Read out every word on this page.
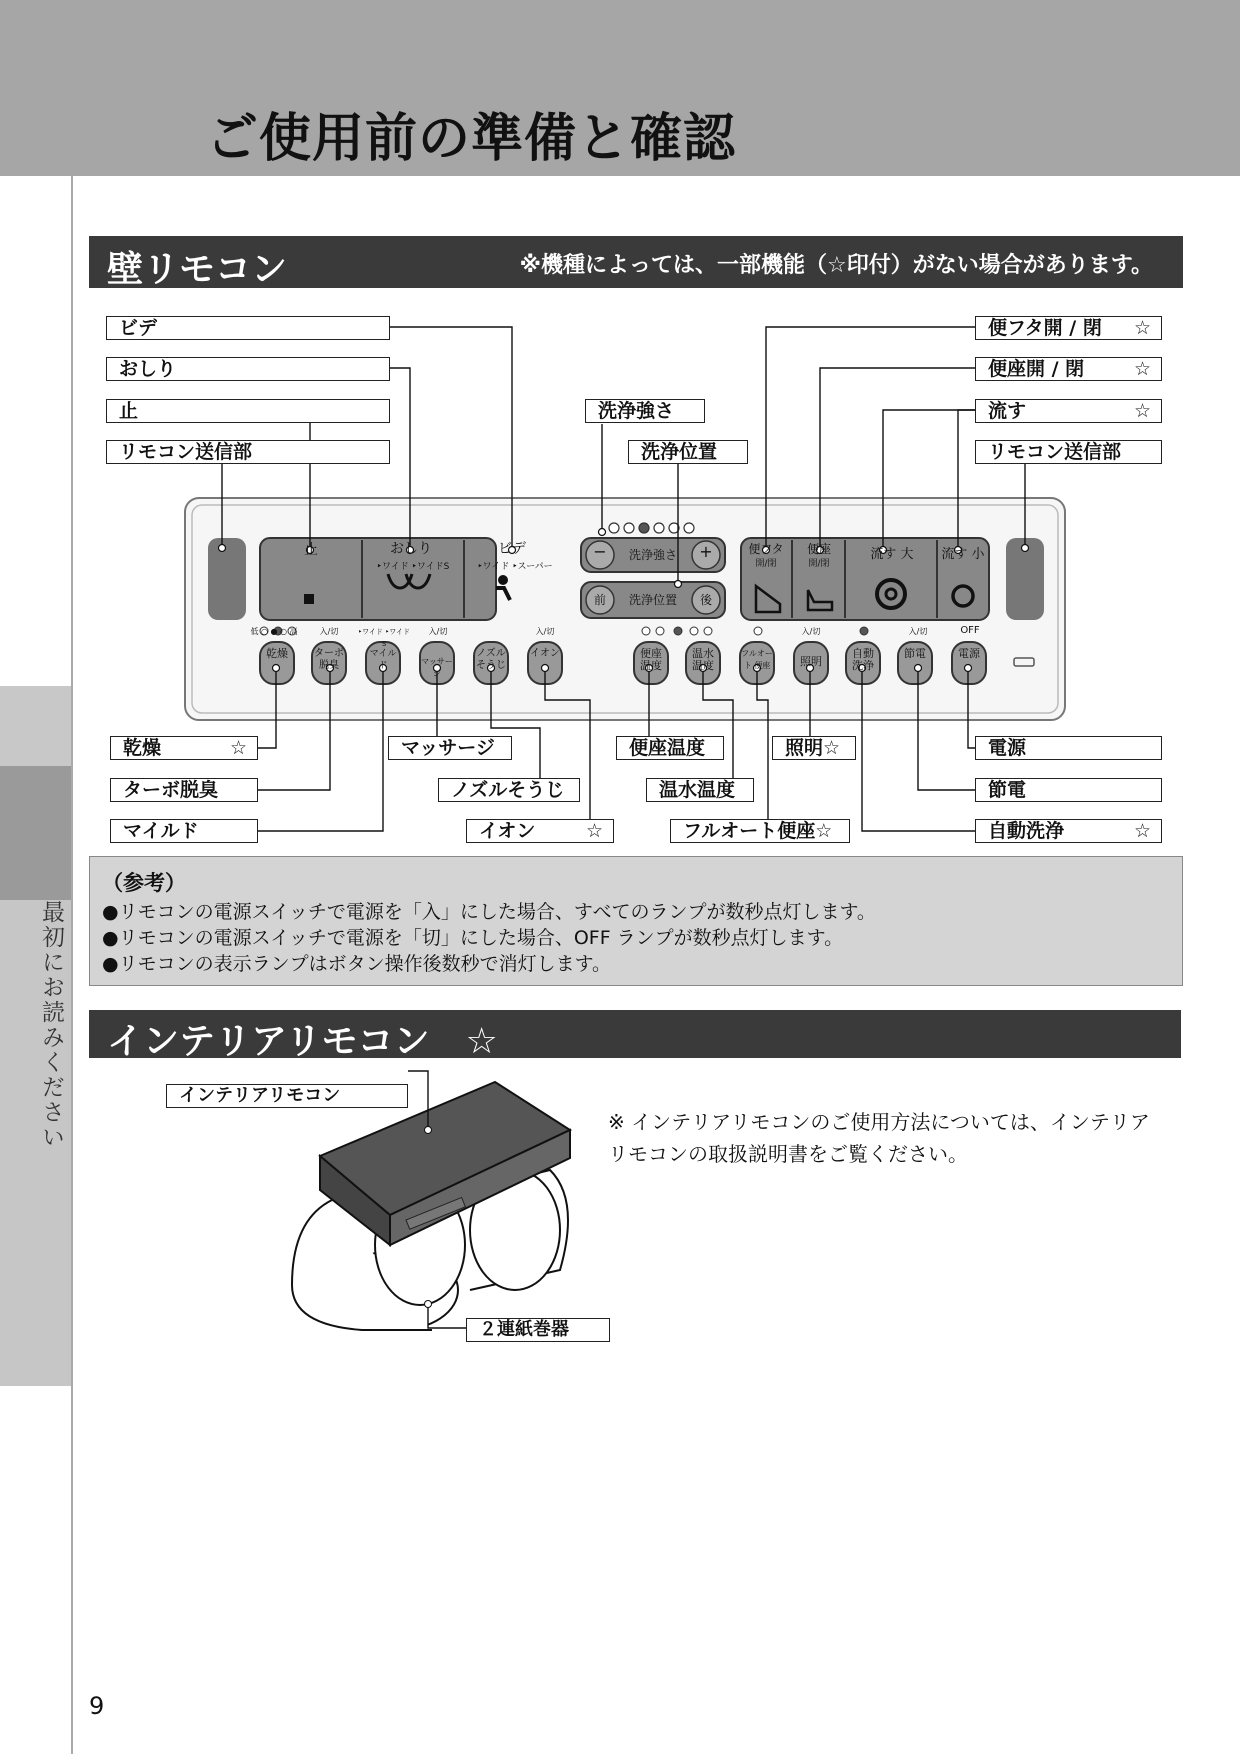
ご使用前の準備と確認
最初にお読みください
壁リモコン	※機種によっては、一部機能（☆印付）がない場合があります。
止	おしり
‣ワイド ‣ワイドS
ビデ
‣ワイド ‣スーパー
−	洗浄強さ	+
前	洗浄位置	後
便フタ
開/閉
便座
開/閉
流す 大	流す 小
低 ○ ● ○ 高	入/切	‣ワイド ‣ワイドS
入/切	入/切	入/切	入/切	OFF
乾燥	ターボ 脱臭
マイルド	マッサージ
ノズル そうじ
イオン	便座 温度
温水 温度
フルオート 便座	照明
自動 洗浄
節電	電源
ビデ
おしり
止
リモコン送信部
洗浄強さ
洗浄位置
便フタ開 / 閉 ☆
便座開 / 閉	☆
流す	☆
リモコン送信部
乾燥	☆
ターボ脱臭
マイルド
マッサージ
ノズルそうじ
イオン	☆
便座温度
温水温度
フルオート便座☆
照明☆	電源
節電
自動洗浄	☆
（参考）
●リモコンの電源スイッチで電源を「入」にした場合、すべてのランプが数秒点灯します。
●リモコンの電源スイッチで電源を「切」にした場合、OFF ランプが数秒点灯します。
●リモコンの表示ランプはボタン操作後数秒で消灯します。
インテリアリモコン　☆
インテリアリモコン
２連紙巻器
※ インテリアリモコンのご使用方法については、インテリア　リモコンの取扱説明書をご覧ください。
9
